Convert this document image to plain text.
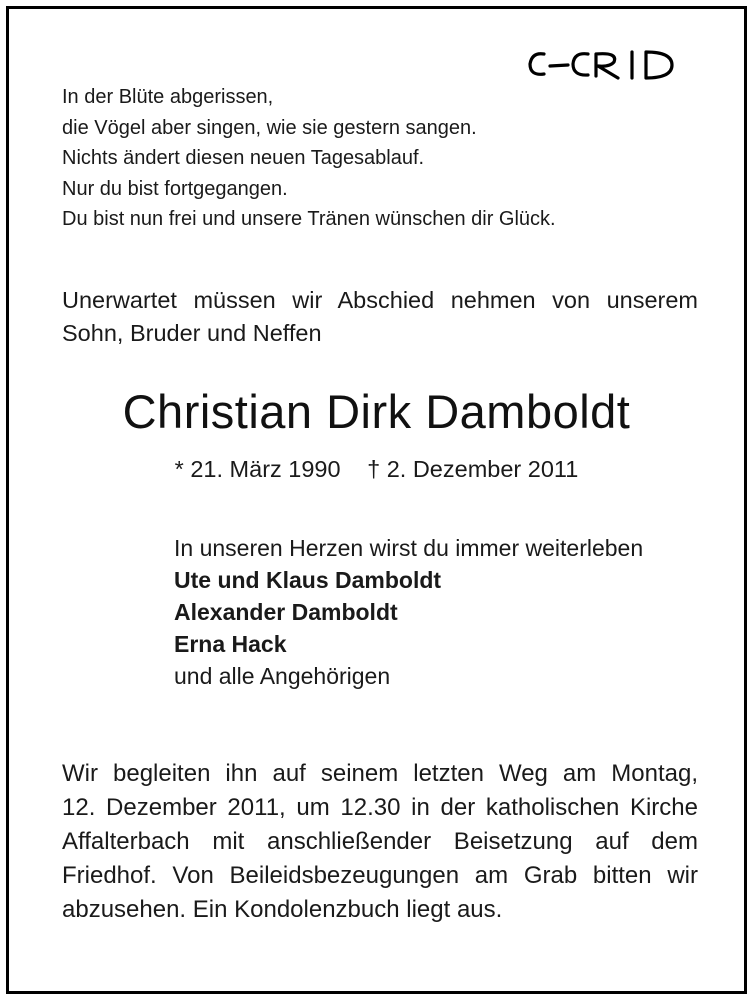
In der Blüte abgerissen,
die Vögel aber singen, wie sie gestern sangen.
Nichts ändert diesen neuen Tagesablauf.
Nur du bist fortgegangen.
Du bist nun frei und unsere Tränen wünschen dir Glück.
Unerwartet müssen wir Abschied nehmen von unserem
Sohn, Bruder und Neffen
Christian Dirk Damboldt
* 21. März 1990 † 2. Dezember 2011
In unseren Herzen wirst du immer weiterleben
Ute und Klaus Damboldt
Alexander Damboldt
Erna Hack
und alle Angehörigen
Wir begleiten ihn auf seinem letzten Weg am Montag,
12. Dezember 2011, um 12.30 in der katholischen Kirche
Affalterbach mit anschließender Beisetzung auf dem
Friedhof. Von Beileidsbezeugungen am Grab bitten wir
abzusehen. Ein Kondolenzbuch liegt aus.
